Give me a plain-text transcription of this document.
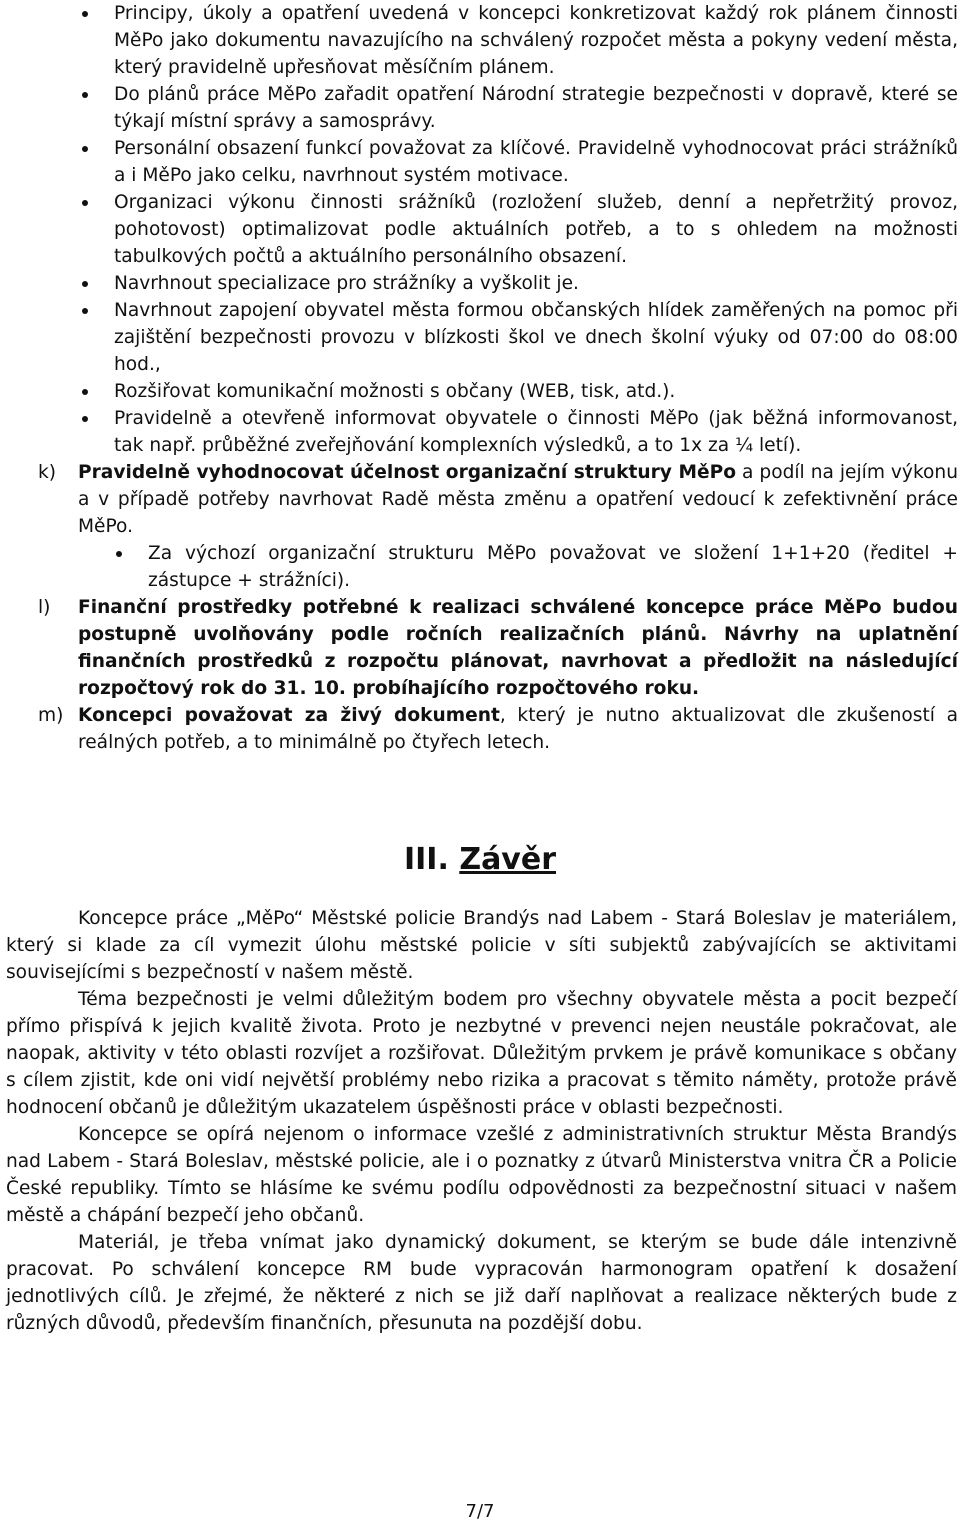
Principy, úkoly a opatření uvedená v koncepci konkretizovat každý rok plánem činnosti MěPo jako dokumentu navazujícího na schválený rozpočet města a pokyny vedení města, který pravidelně upřesňovat měsíčním plánem.
Do plánů práce MěPo zařadit opatření Národní strategie bezpečnosti v dopravě, které se týkají místní správy a samosprávy.
Personální obsazení funkcí považovat za klíčové. Pravidelně vyhodnocovat práci strážníků a i MěPo jako celku, navrhnout systém motivace.
Organizaci výkonu činnosti srážníků (rozložení služeb, denní a nepřetržitý provoz, pohotovost) optimalizovat podle aktuálních potřeb, a to s ohledem na možnosti tabulkových počtů a aktuálního personálního obsazení.
Navrhnout specializace pro strážníky a vyškolit je.
Navrhnout zapojení obyvatel města formou občanských hlídek zaměřených na pomoc při zajištění bezpečnosti provozu v blízkosti škol ve dnech školní výuky od 07:00 do 08:00 hod.,
Rozšiřovat komunikační možnosti s občany (WEB, tisk, atd.).
Pravidelně a otevřeně informovat obyvatele o činnosti MěPo (jak běžná informovanost, tak např. průběžné zveřejňování komplexních výsledků, a to 1x za ¼ letí).
k) Pravidelně vyhodnocovat účelnost organizační struktury MěPo a podíl na jejím výkonu a v případě potřeby navrhovat Radě města změnu a opatření vedoucí k zefektivnění práce MěPo.
Za výchozí organizační strukturu MěPo považovat ve složení 1+1+20 (ředitel + zástupce + strážníci).
l) Finanční prostředky potřebné k realizaci schválené koncepce práce MěPo budou postupně uvolňovány podle ročních realizačních plánů. Návrhy na uplatnění finančních prostředků z rozpočtu plánovat, navrhovat a předložit na následující rozpočtový rok do 31. 10. probíhajícího rozpočtového roku.
m) Koncepci považovat za živý dokument, který je nutno aktualizovat dle zkušeností a reálných potřeb, a to minimálně po čtyřech letech.
III. Závěr

Koncepce práce „MěPo“ Městské policie Brandýs nad Labem - Stará Boleslav je materiálem, který si klade za cíl vymezit úlohu městské policie v síti subjektů zabývajících se aktivitami souvisejícími s bezpečností v našem městě.

Téma bezpečnosti je velmi důležitým bodem pro všechny obyvatele města a pocit bezpečí přímo přispívá k jejich kvalitě života. Proto je nezbytné v prevenci nejen neustále pokračovat, ale naopak, aktivity v této oblasti rozvíjet a rozšiřovat. Důležitým prvkem je právě komunikace s občany s cílem zjistit, kde oni vidí největší problémy nebo rizika a pracovat s těmito náměty, protože právě hodnocení občanů je důležitým ukazatelem úspěšnosti práce v oblasti bezpečnosti.

Koncepce se opírá nejenom o informace vzešlé z administrativních struktur Města Brandýs nad Labem - Stará Boleslav, městské policie, ale i o poznatky z útvarů Ministerstva vnitra ČR a Policie České republiky. Tímto se hlásíme ke svému podílu odpovědnosti za bezpečnostní situaci v našem městě a chápání bezpečí jeho občanů.

Materiál, je třeba vnímat jako dynamický dokument, se kterým se bude dále intenzivně pracovat. Po schválení koncepce RM bude vypracován harmonogram opatření k dosažení jednotlivých cílů. Je zřejmé, že některé z nich se již daří naplňovat a realizace některých bude z různých důvodů, především finančních, přesunuta na pozdější dobu.

7/7
